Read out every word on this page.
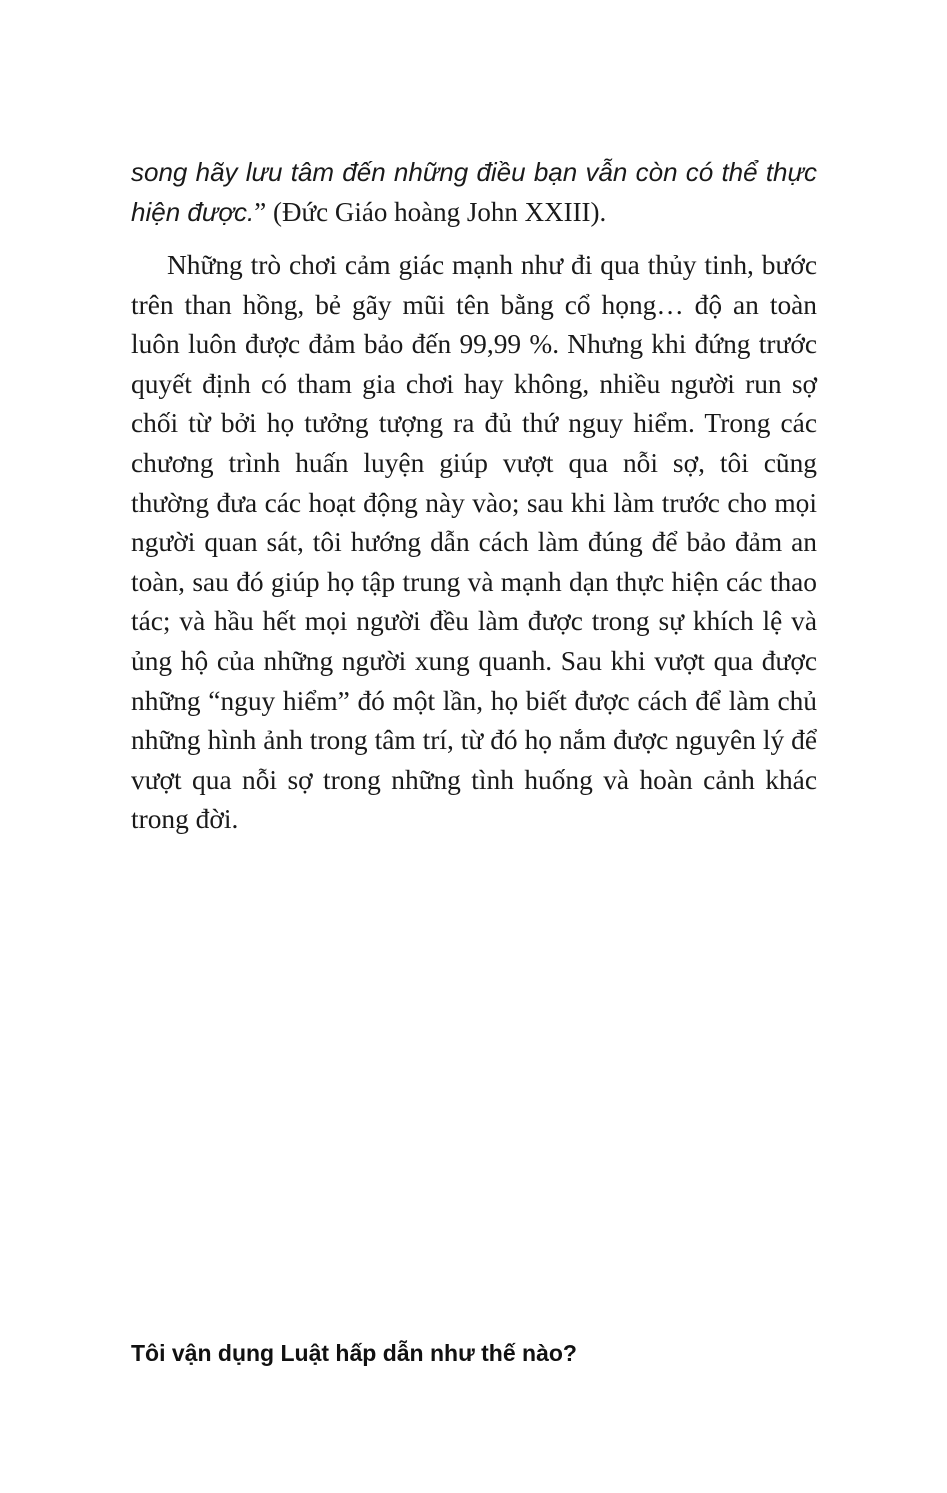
song hãy lưu tâm đến những điều bạn vẫn còn có thể thực hiện được.” (Đức Giáo hoàng John XXIII).

Những trò chơi cảm giác mạnh như đi qua thủy tinh, bước trên than hồng, bẻ gãy mũi tên bằng cổ họng… độ an toàn luôn luôn được đảm bảo đến 99,99 %. Nhưng khi đứng trước quyết định có tham gia chơi hay không, nhiều người run sợ chối từ bởi họ tưởng tượng ra đủ thứ nguy hiểm. Trong các chương trình huấn luyện giúp vượt qua nỗi sợ, tôi cũng thường đưa các hoạt động này vào; sau khi làm trước cho mọi người quan sát, tôi hướng dẫn cách làm đúng để bảo đảm an toàn, sau đó giúp họ tập trung và mạnh dạn thực hiện các thao tác; và hầu hết mọi người đều làm được trong sự khích lệ và ủng hộ của những người xung quanh. Sau khi vượt qua được những “nguy hiểm” đó một lần, họ biết được cách để làm chủ những hình ảnh trong tâm trí, từ đó họ nắm được nguyên lý để vượt qua nỗi sợ trong những tình huống và hoàn cảnh khác trong đời.

Tôi vận dụng Luật hấp dẫn như thế nào?
